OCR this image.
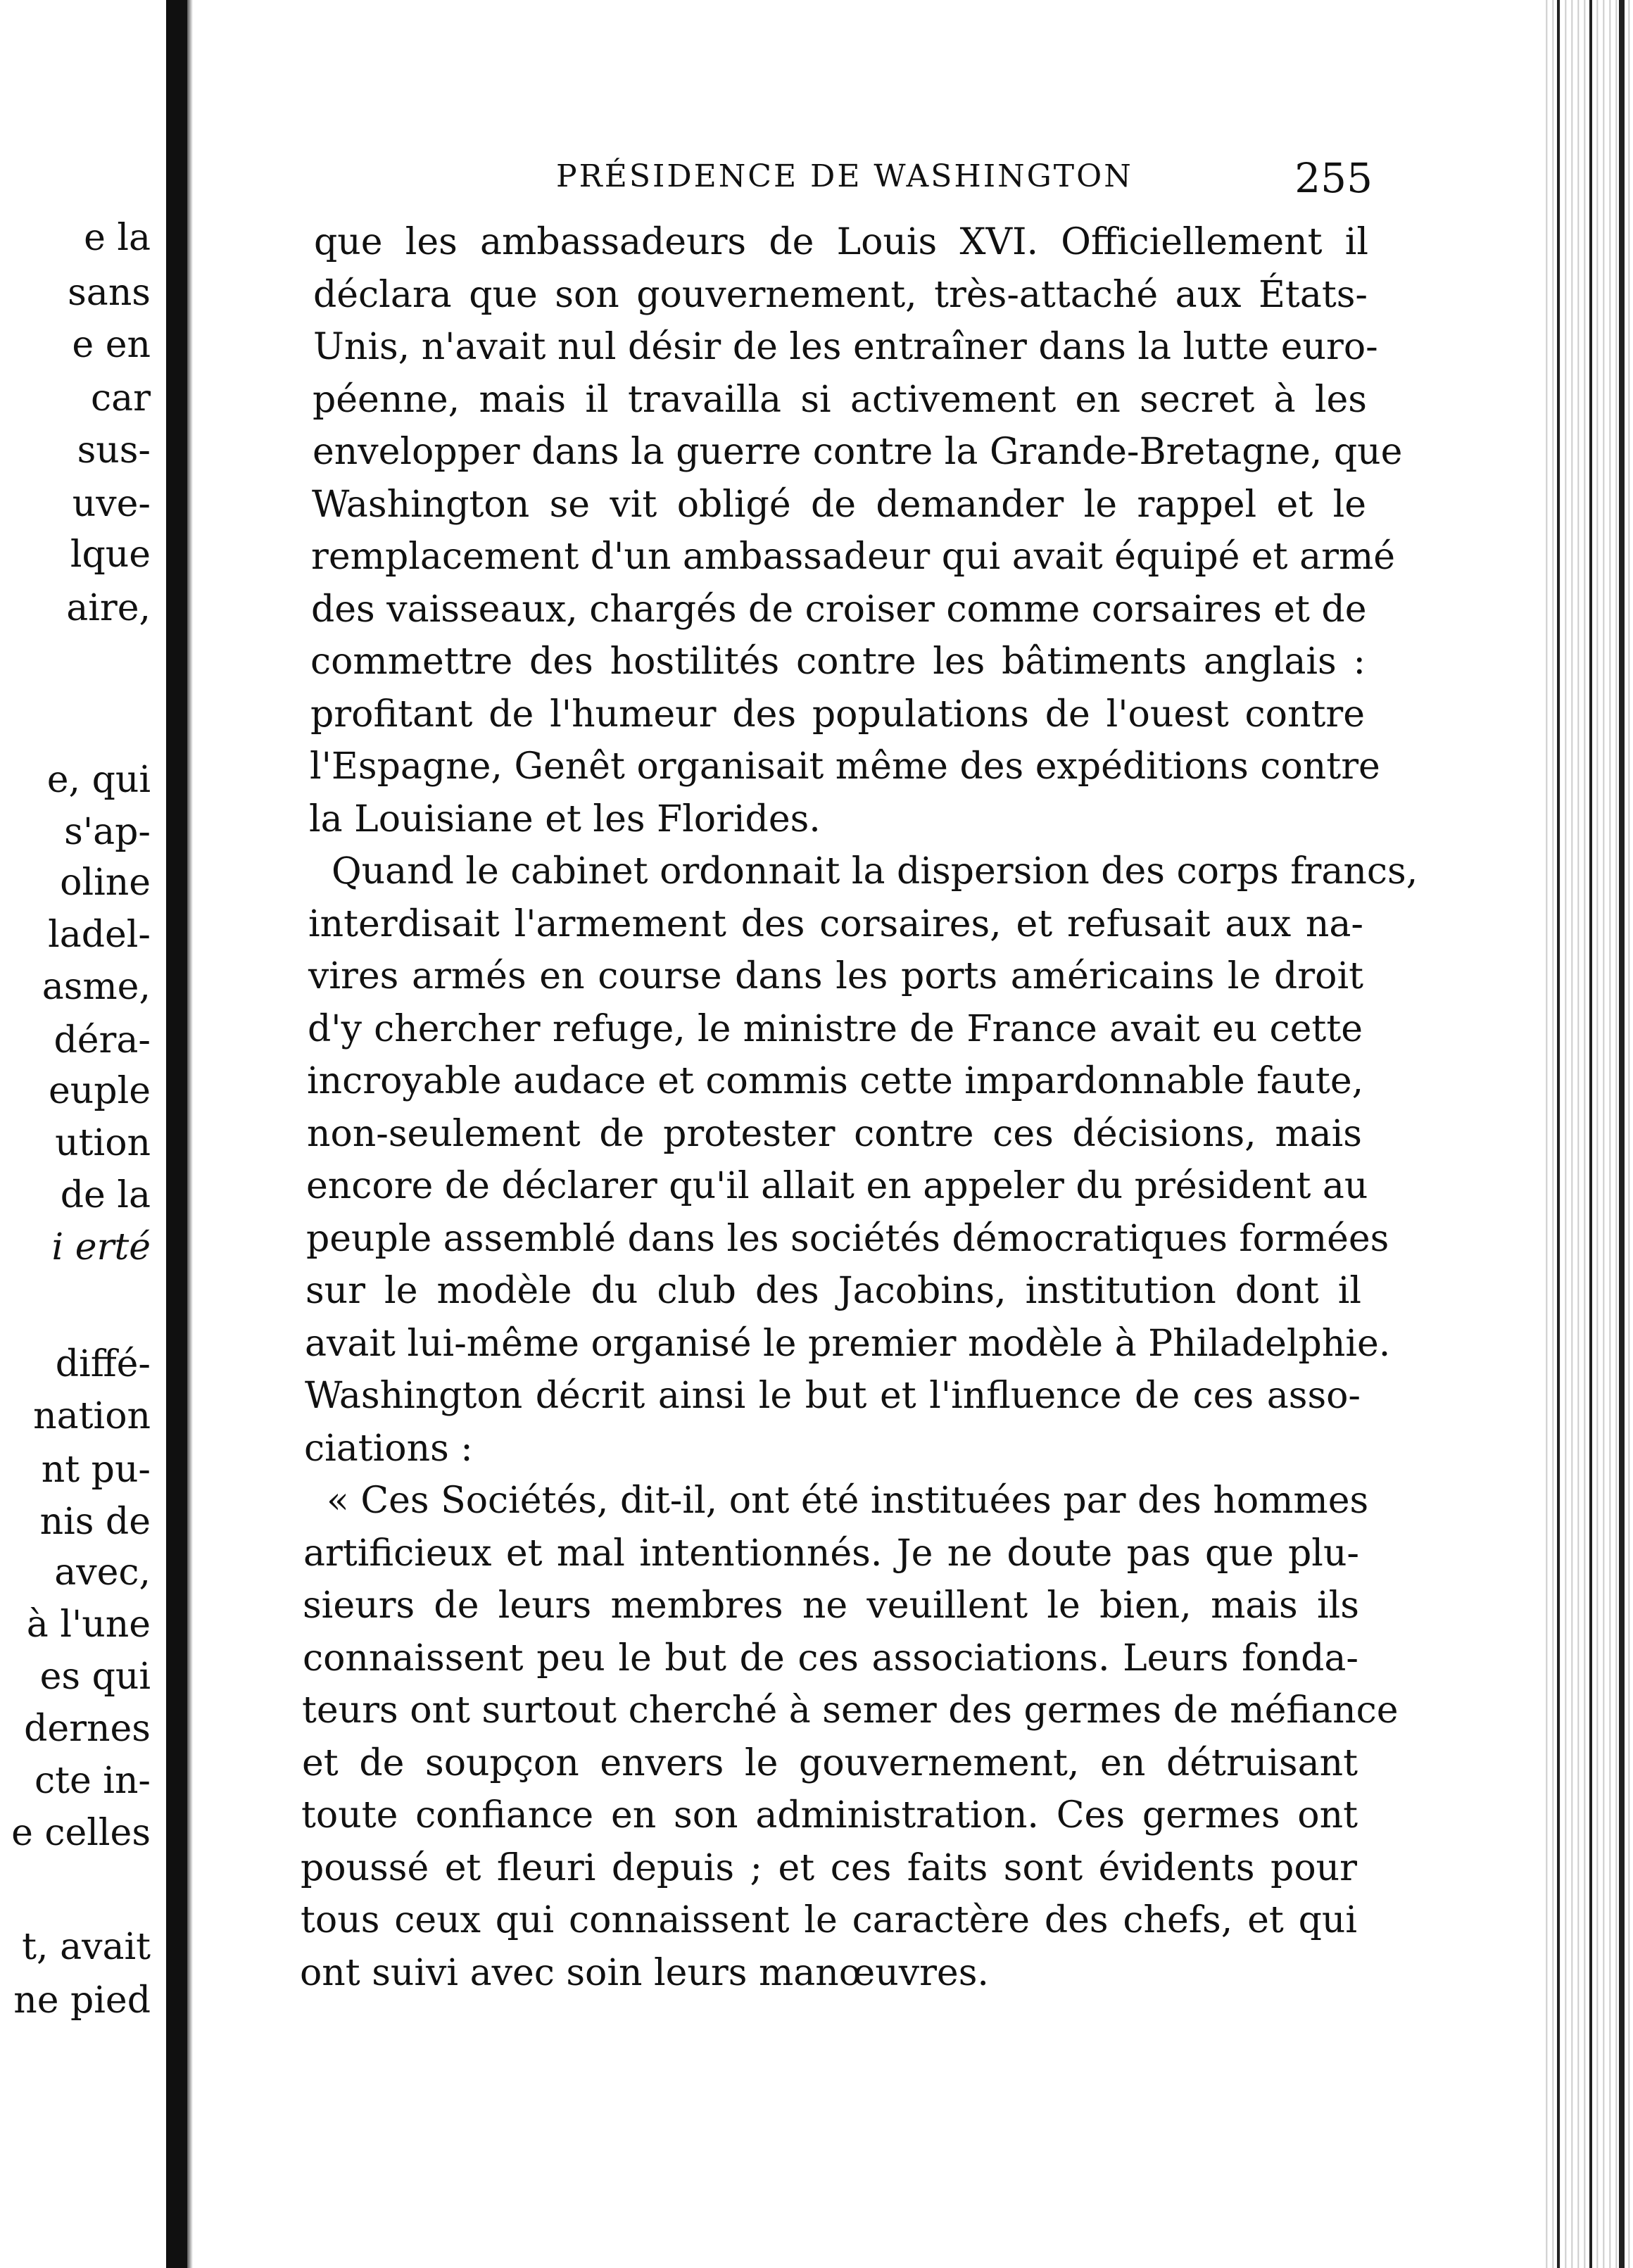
e la
sans
e en
car
sus-
uve-
lque
aire,
e, qui
s'ap-
oline
ladel-
asme,
déra-
euple
ution
de la
i erté
diffé-
nation
nt pu-
nis de
avec,
à l'une
es qui
dernes
cte in-
e celles
t, avait
ne pied
PRÉSIDENCE DE WASHINGTON	255
que les ambassadeurs de Louis XVI. Officiellement il
déclara que son gouvernement, très-attaché aux États-
Unis, n'avait nul désir de les entraîner dans la lutte euro-
péenne, mais il travailla si activement en secret à les
envelopper dans la guerre contre la Grande-Bretagne, que
Washington se vit obligé de demander le rappel et le
remplacement d'un ambassadeur qui avait équipé et armé
des vaisseaux, chargés de croiser comme corsaires et de
commettre des hostilités contre les bâtiments anglais :
profitant de l'humeur des populations de l'ouest contre
l'Espagne, Genêt organisait même des expéditions contre
la Louisiane et les Florides.
Quand le cabinet ordonnait la dispersion des corps francs,
interdisait l'armement des corsaires, et refusait aux na-
vires armés en course dans les ports américains le droit
d'y chercher refuge, le ministre de France avait eu cette
incroyable audace et commis cette impardonnable faute,
non-seulement de protester contre ces décisions, mais
encore de déclarer qu'il allait en appeler du président au
peuple assemblé dans les sociétés démocratiques formées
sur le modèle du club des Jacobins, institution dont il
avait lui-même organisé le premier modèle à Philadelphie.
Washington décrit ainsi le but et l'influence de ces asso-
ciations :
« Ces Sociétés, dit-il, ont été instituées par des hommes
artificieux et mal intentionnés. Je ne doute pas que plu-
sieurs de leurs membres ne veuillent le bien, mais ils
connaissent peu le but de ces associations. Leurs fonda-
teurs ont surtout cherché à semer des germes de méfiance
et de soupçon envers le gouvernement, en détruisant
toute confiance en son administration. Ces germes ont
poussé et fleuri depuis ; et ces faits sont évidents pour
tous ceux qui connaissent le caractère des chefs, et qui
ont suivi avec soin leurs manœuvres.
